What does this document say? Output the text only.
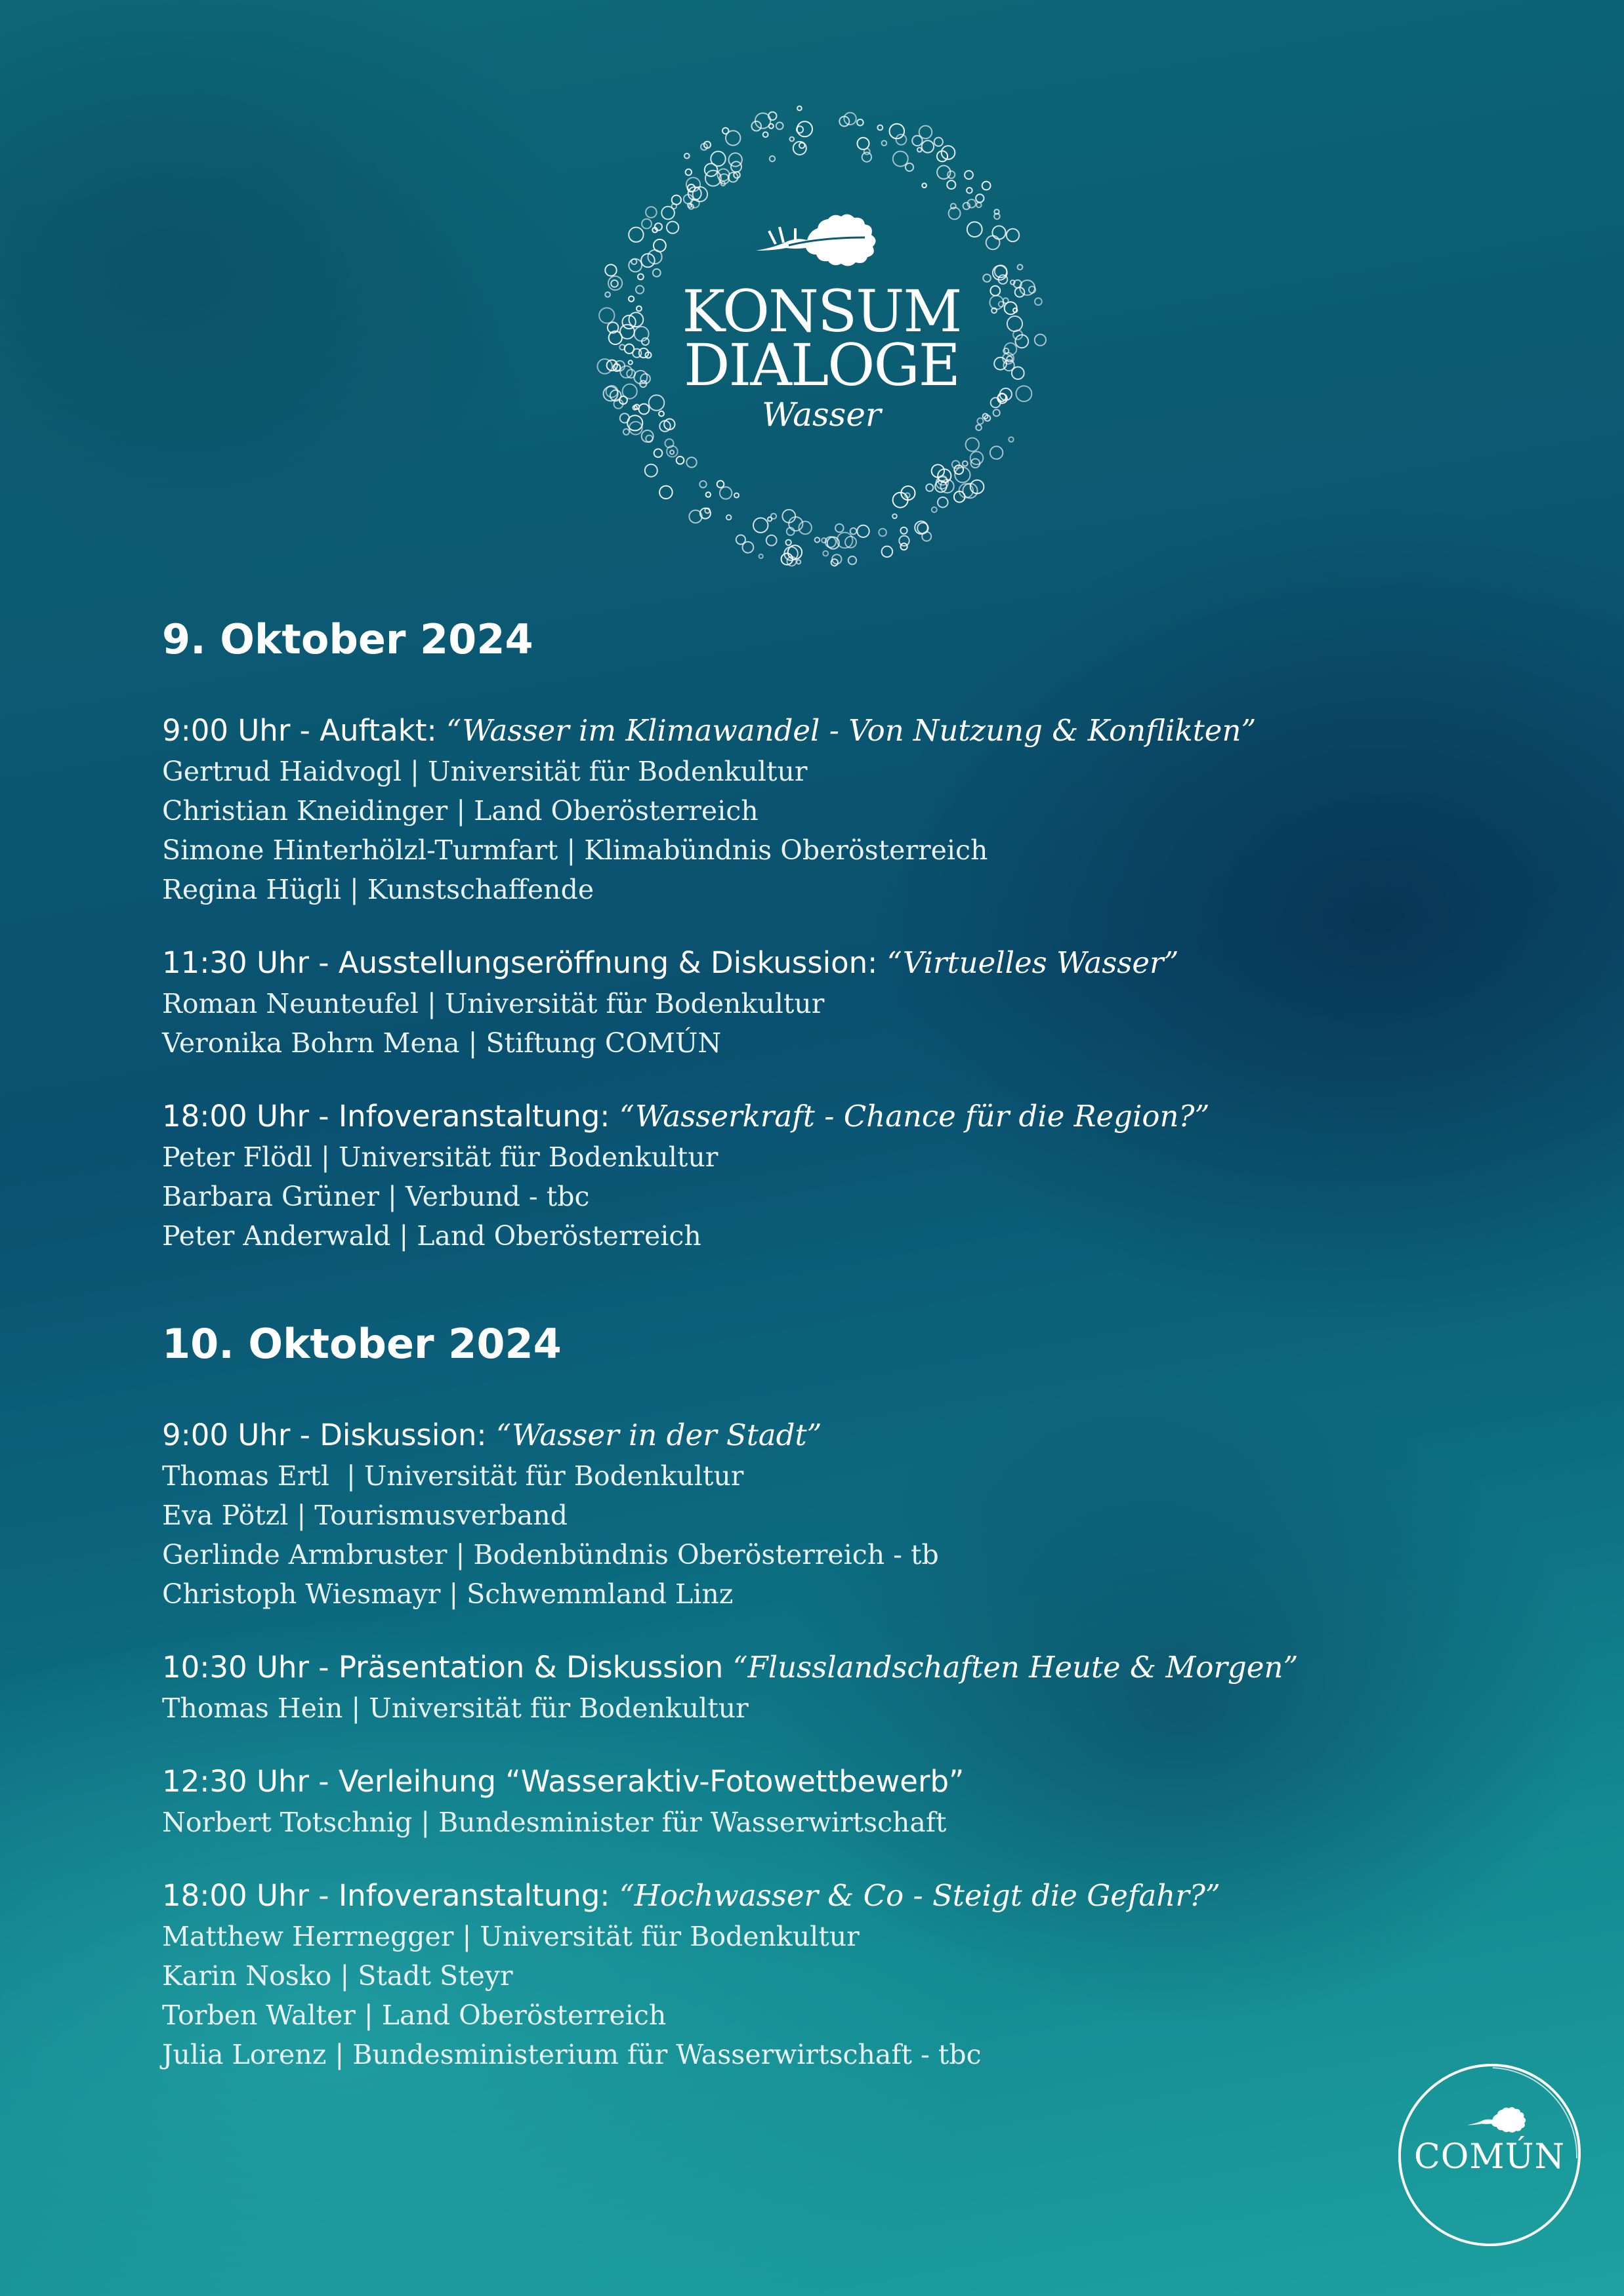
KONSUM
DIALOGE
Wasser
9. Oktober 2024
9:00 Uhr - Auftakt: “Wasser im Klimawandel - Von Nutzung & Konflikten”
Gertrud Haidvogl | Universität für Bodenkultur
Christian Kneidinger | Land Oberösterreich
Simone Hinterhölzl-Turmfart | Klimabündnis Oberösterreich
Regina Hügli | Kunstschaffende
11:30 Uhr - Ausstellungseröffnung & Diskussion: “Virtuelles Wasser”
Roman Neunteufel | Universität für Bodenkultur
Veronika Bohrn Mena | Stiftung COMÚN
18:00 Uhr - Infoveranstaltung: “Wasserkraft - Chance für die Region?”
Peter Flödl | Universität für Bodenkultur
Barbara Grüner | Verbund - tbc
Peter Anderwald | Land Oberösterreich
10. Oktober 2024
9:00 Uhr - Diskussion: “Wasser in der Stadt”
Thomas Ertl  | Universität für Bodenkultur
Eva Pötzl | Tourismusverband
Gerlinde Armbruster | Bodenbündnis Oberösterreich - tb
Christoph Wiesmayr | Schwemmland Linz
10:30 Uhr - Präsentation & Diskussion “Flusslandschaften Heute & Morgen”
Thomas Hein | Universität für Bodenkultur
12:30 Uhr - Verleihung “Wasseraktiv-Fotowettbewerb”
Norbert Totschnig | Bundesminister für Wasserwirtschaft
18:00 Uhr - Infoveranstaltung: “Hochwasser & Co - Steigt die Gefahr?”
Matthew Herrnegger | Universität für Bodenkultur
Karin Nosko | Stadt Steyr
Torben Walter | Land Oberösterreich
Julia Lorenz | Bundesministerium für Wasserwirtschaft - tbc
COMÚN
